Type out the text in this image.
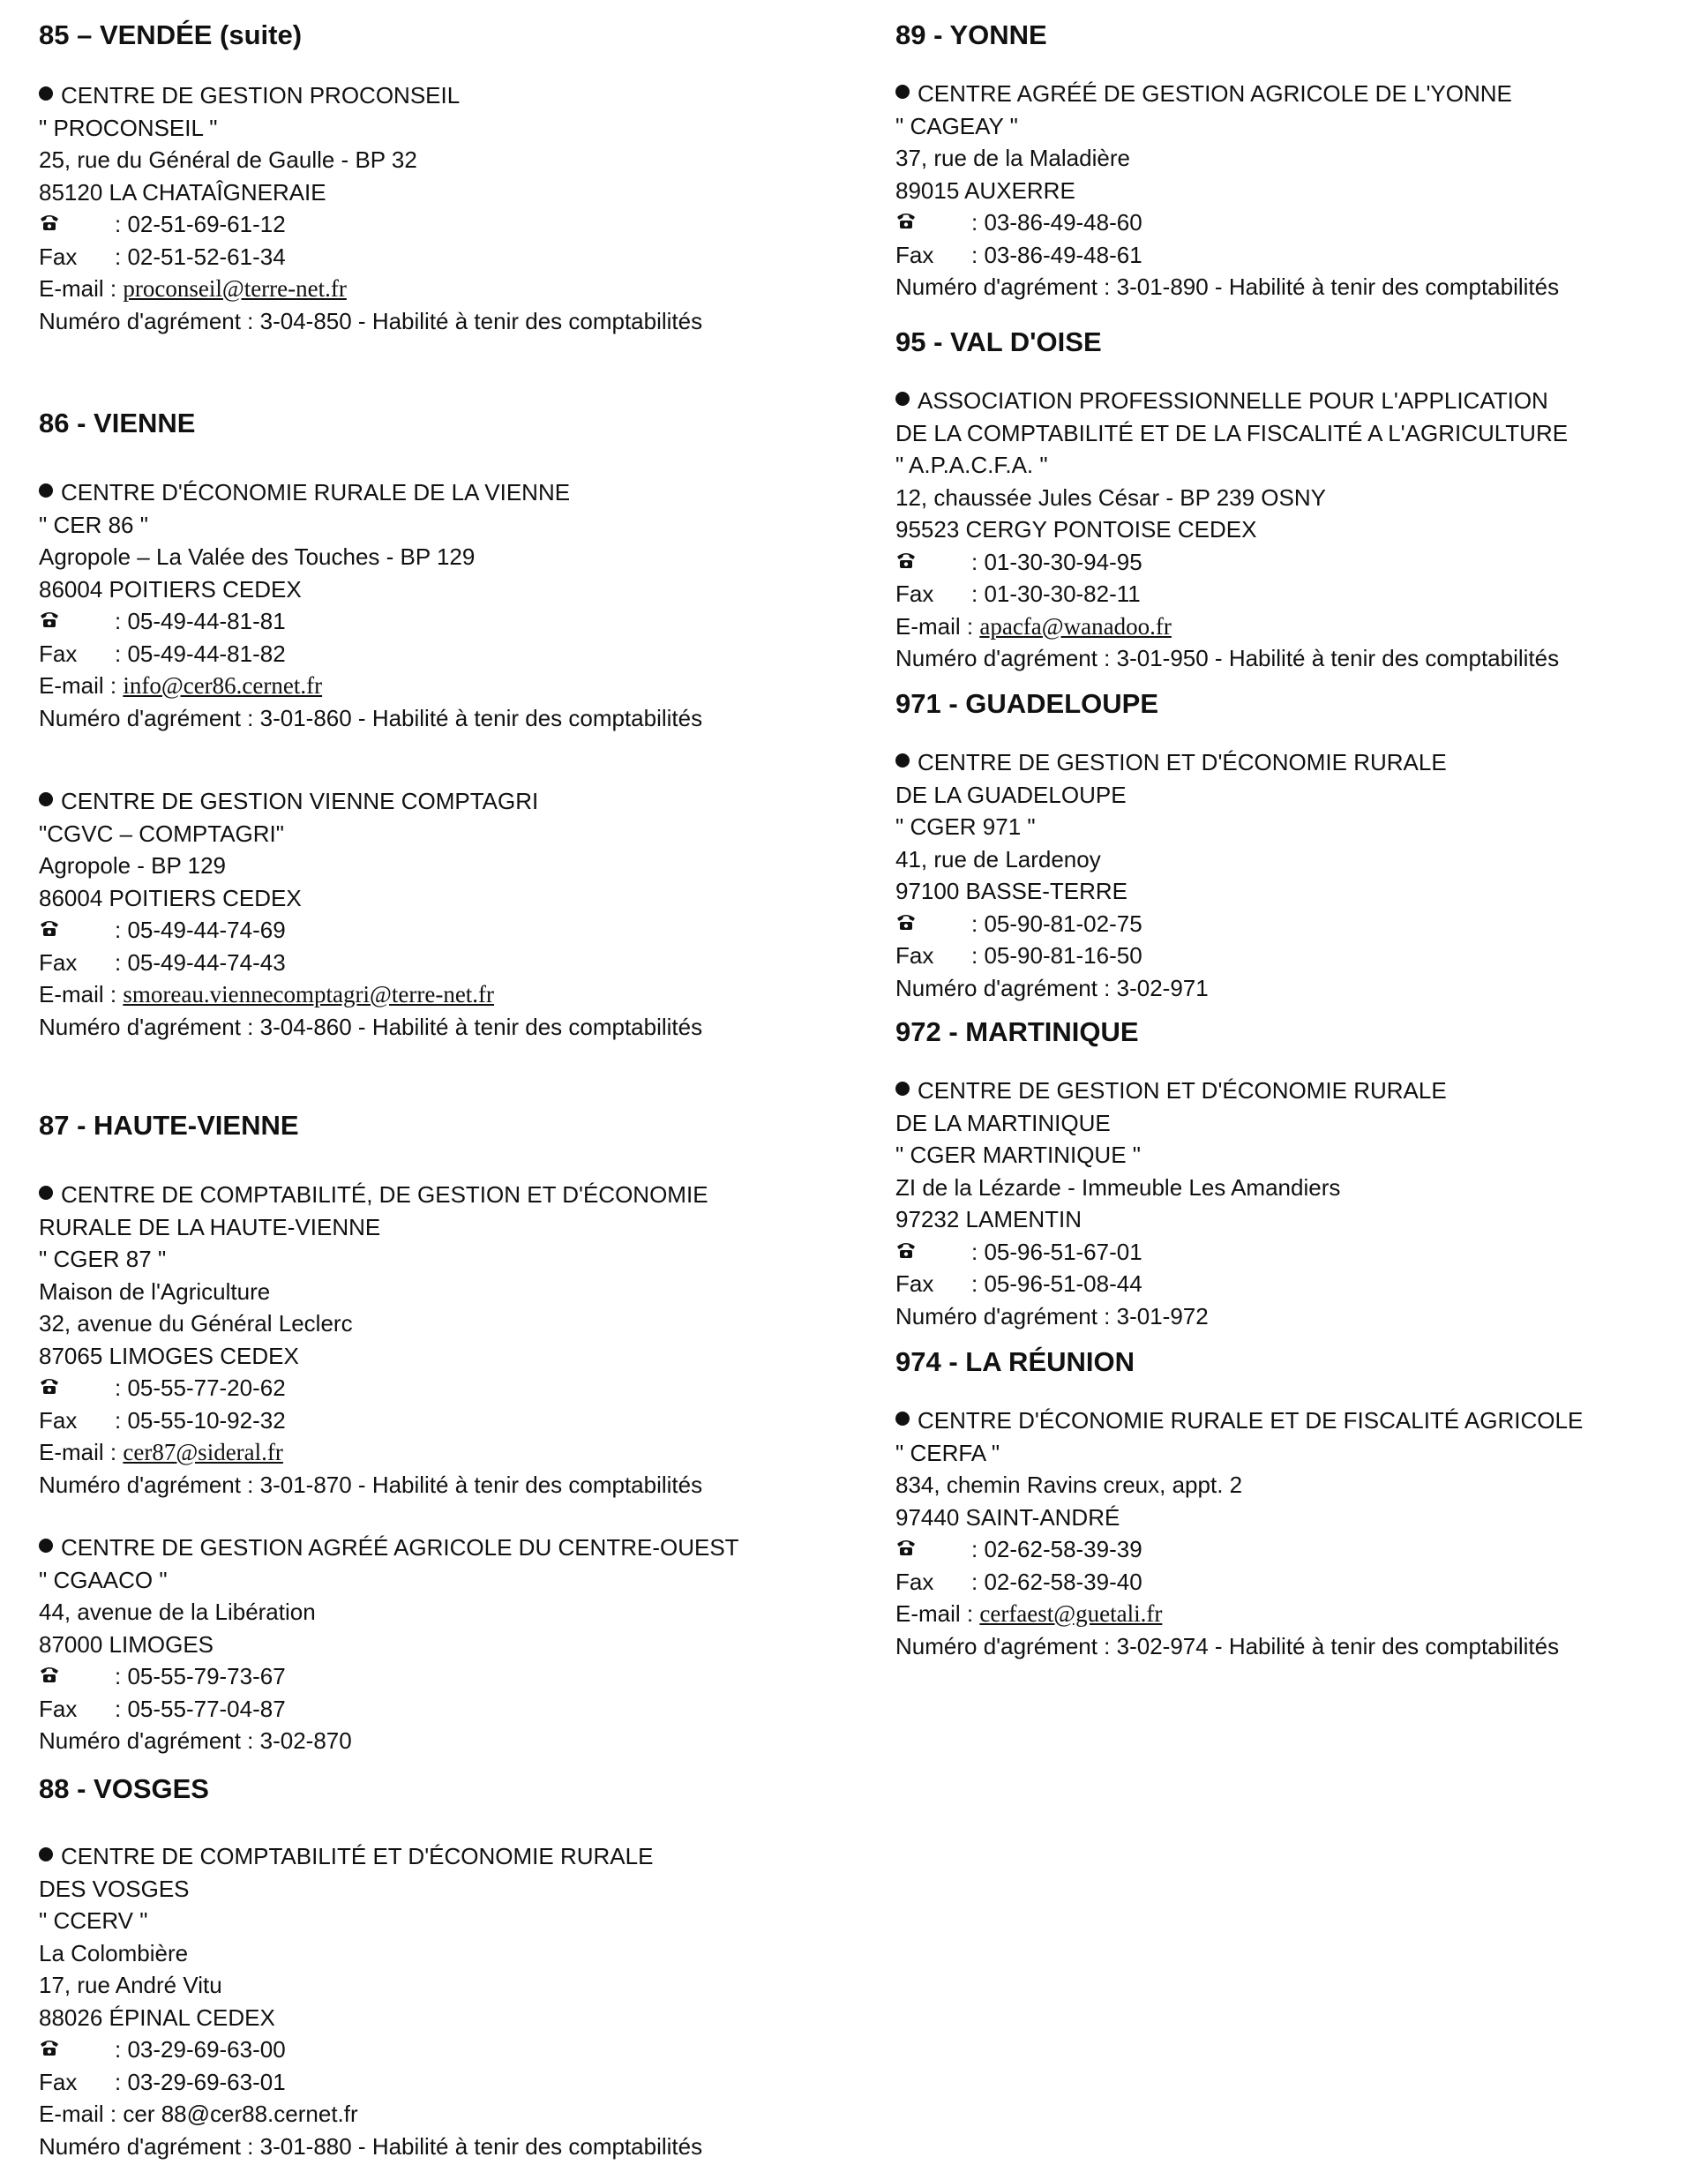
85 – VENDÉE (suite)
CENTRE DE GESTION PROCONSEIL
" PROCONSEIL "
25, rue du Général de Gaulle - BP 32
85120 LA CHATAÎGNERAIE
: 02-51-69-61-12
Fax : 02-51-52-61-34
E-mail : proconseil@terre-net.fr
Numéro d'agrément : 3-04-850 - Habilité à tenir des comptabilités
86 - VIENNE
CENTRE D'ÉCONOMIE RURALE DE LA VIENNE
" CER 86 "
Agropole – La Valée des Touches - BP 129
86004 POITIERS CEDEX
: 05-49-44-81-81
Fax : 05-49-44-81-82
E-mail : info@cer86.cernet.fr
Numéro d'agrément : 3-01-860 - Habilité à tenir des comptabilités
CENTRE DE GESTION VIENNE COMPTAGRI
"CGVC – COMPTAGRI"
Agropole - BP 129
86004 POITIERS CEDEX
: 05-49-44-74-69
Fax : 05-49-44-74-43
E-mail : smoreau.viennecomptagri@terre-net.fr
Numéro d'agrément : 3-04-860 - Habilité à tenir des comptabilités
87 - HAUTE-VIENNE
CENTRE DE COMPTABILITÉ, DE GESTION ET D'ÉCONOMIE
RURALE DE LA HAUTE-VIENNE
" CGER 87 "
Maison de l'Agriculture
32, avenue du Général Leclerc
87065 LIMOGES CEDEX
: 05-55-77-20-62
Fax : 05-55-10-92-32
E-mail : cer87@sideral.fr
Numéro d'agrément : 3-01-870 - Habilité à tenir des comptabilités
CENTRE DE GESTION AGRÉÉ AGRICOLE DU CENTRE-OUEST
" CGAACO "
44, avenue de la Libération
87000 LIMOGES
: 05-55-79-73-67
Fax : 05-55-77-04-87
Numéro d'agrément : 3-02-870
88 - VOSGES
CENTRE DE COMPTABILITÉ ET D'ÉCONOMIE RURALE
DES VOSGES
" CCERV "
La Colombière
17, rue André Vitu
88026 ÉPINAL CEDEX
: 03-29-69-63-00
Fax : 03-29-69-63-01
E-mail : cer 88@cer88.cernet.fr
Numéro d'agrément : 3-01-880 - Habilité à tenir des comptabilités
89 - YONNE
CENTRE AGRÉÉ DE GESTION AGRICOLE DE L'YONNE
" CAGEAY "
37, rue de la Maladière
89015 AUXERRE
: 03-86-49-48-60
Fax : 03-86-49-48-61
Numéro d'agrément : 3-01-890 - Habilité à tenir des comptabilités
95 - VAL D'OISE
ASSOCIATION PROFESSIONNELLE POUR L'APPLICATION
DE LA COMPTABILITÉ ET DE LA FISCALITÉ A L'AGRICULTURE
" A.P.A.C.F.A. "
12, chaussée Jules César - BP 239 OSNY
95523 CERGY PONTOISE CEDEX
: 01-30-30-94-95
Fax : 01-30-30-82-11
E-mail : apacfa@wanadoo.fr
Numéro d'agrément : 3-01-950 - Habilité à tenir des comptabilités
971 - GUADELOUPE
CENTRE DE GESTION ET D'ÉCONOMIE RURALE
DE LA GUADELOUPE
" CGER 971 "
41, rue de Lardenoy
97100 BASSE-TERRE
: 05-90-81-02-75
Fax : 05-90-81-16-50
Numéro d'agrément : 3-02-971
972 - MARTINIQUE
CENTRE DE GESTION ET D'ÉCONOMIE RURALE
DE LA MARTINIQUE
" CGER MARTINIQUE "
ZI de la Lézarde - Immeuble Les Amandiers
97232 LAMENTIN
: 05-96-51-67-01
Fax : 05-96-51-08-44
Numéro d'agrément : 3-01-972
974 - LA RÉUNION
CENTRE D'ÉCONOMIE RURALE ET DE FISCALITÉ AGRICOLE
" CERFA "
834, chemin Ravins creux, appt. 2
97440 SAINT-ANDRÉ
: 02-62-58-39-39
Fax : 02-62-58-39-40
E-mail : cerfaest@guetali.fr
Numéro d'agrément : 3-02-974 - Habilité à tenir des comptabilités
